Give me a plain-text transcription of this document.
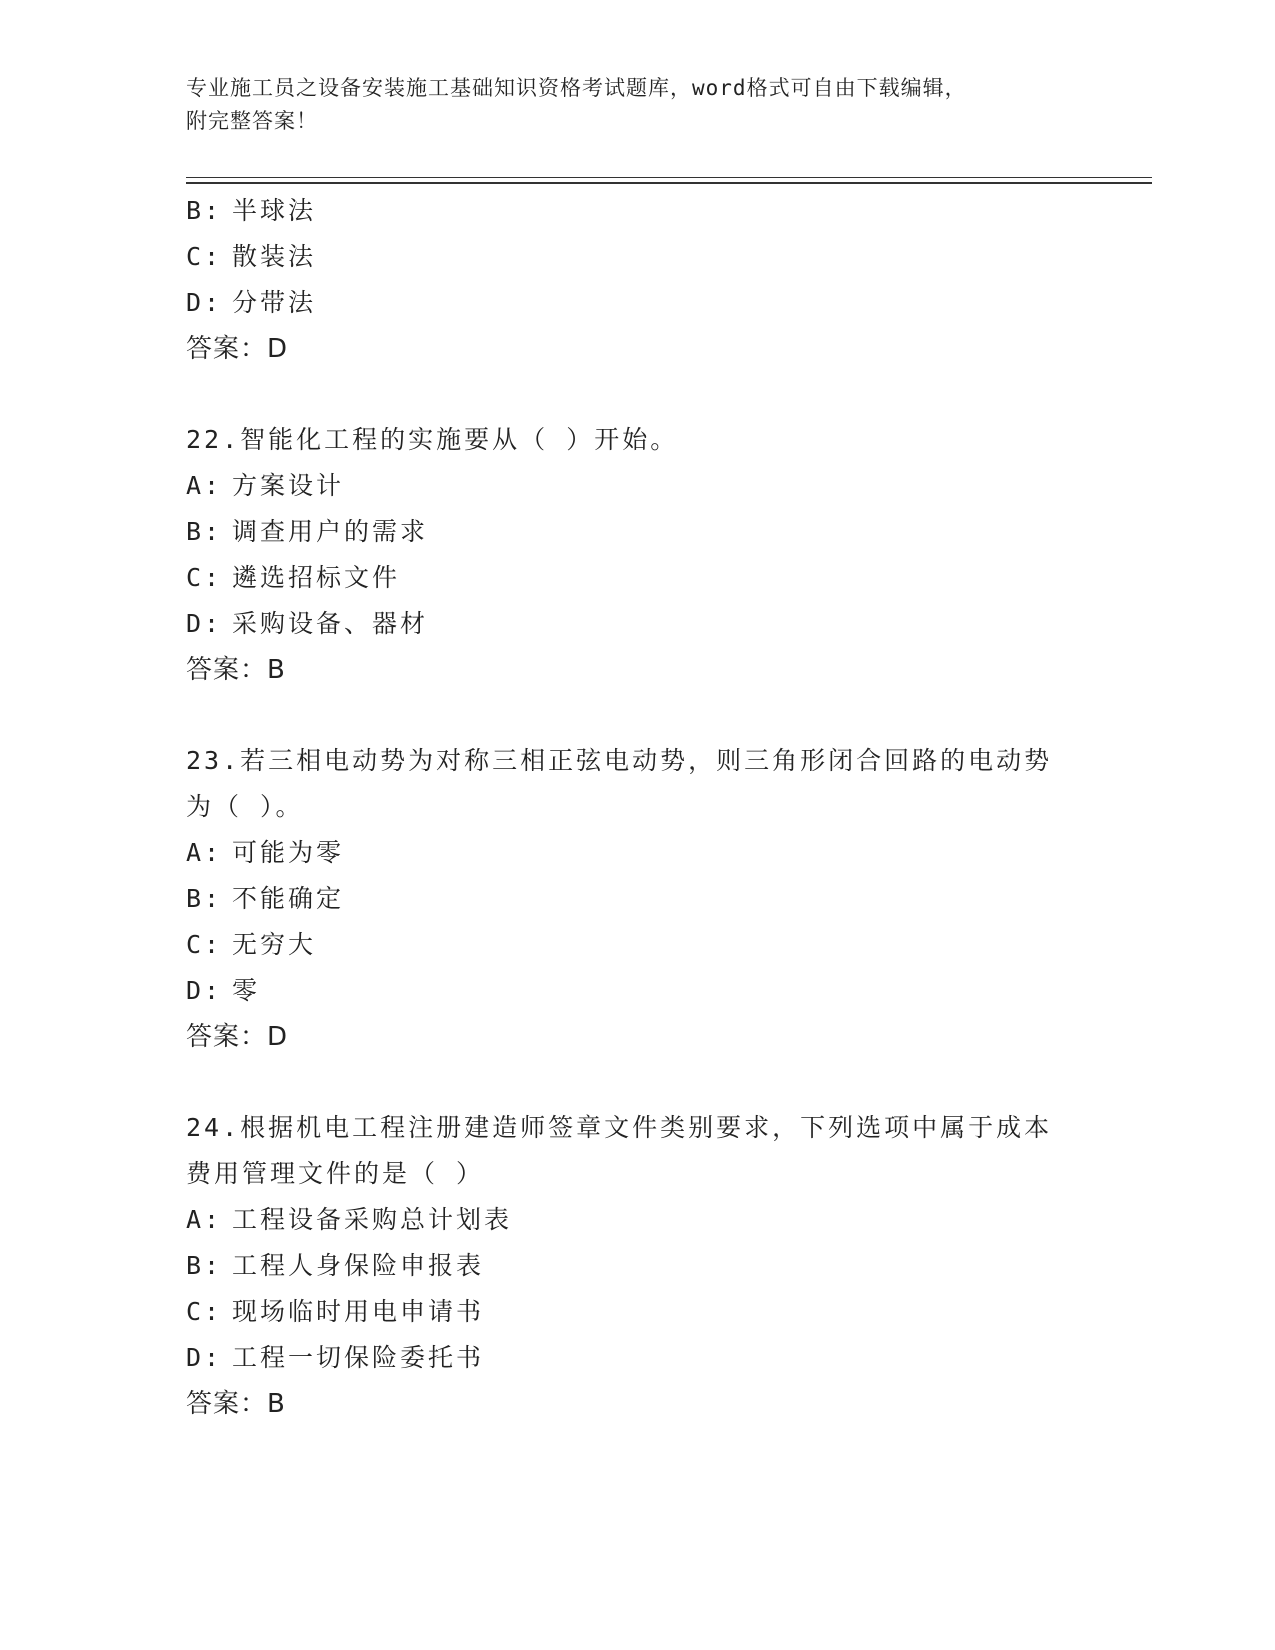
专业施工员之设备安装施工基础知识资格考试题库，word格式可自由下载编辑，
附完整答案！
B: 半球法
C: 散装法
D: 分带法
答案：D
22.智能化工程的实施要从（ ）开始。
A: 方案设计
B: 调查用户的需求
C: 遴选招标文件
D: 采购设备、器材
答案：B
23.若三相电动势为对称三相正弦电动势，则三角形闭合回路的电动势
为（ ）。
A: 可能为零
B: 不能确定
C: 无穷大
D: 零
答案：D
24.根据机电工程注册建造师签章文件类别要求，下列选项中属于成本
费用管理文件的是（ ）
A: 工程设备采购总计划表
B: 工程人身保险申报表
C: 现场临时用电申请书
D: 工程一切保险委托书
答案：B
